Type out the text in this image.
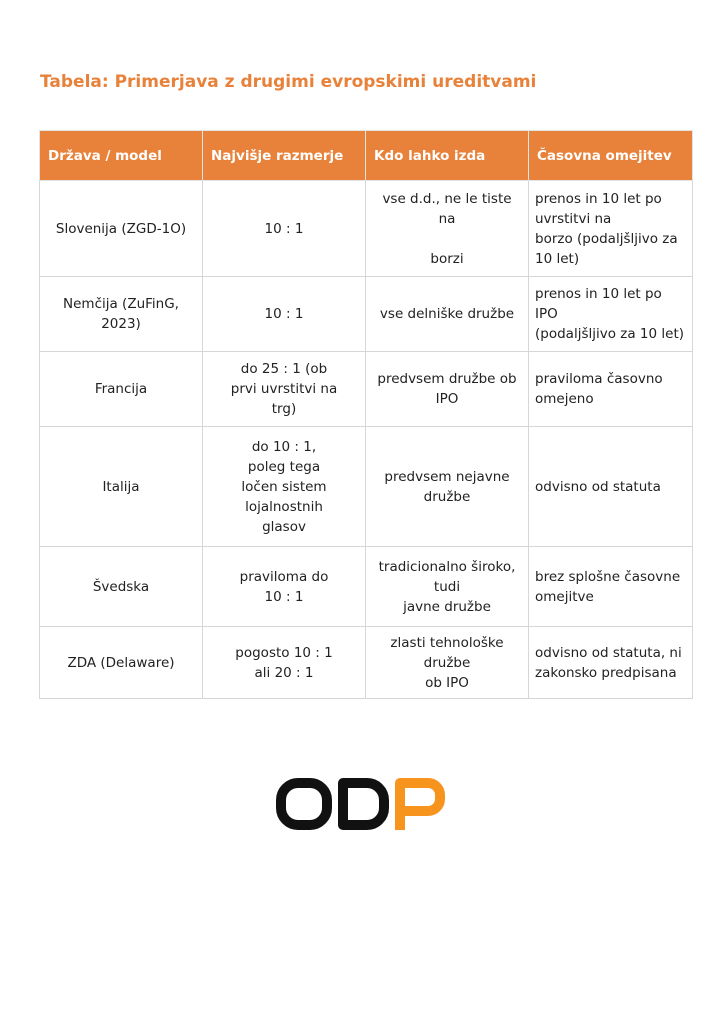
Tabela: Primerjava z drugimi evropskimi ureditvami
Država / model	Najvišje razmerje	Kdo lahko izda	Časovna omejitev
Slovenija (ZGD-1O)	10 : 1	vse d.d., ne le tiste na
borzi	prenos in 10 let po
uvrstitvi na
borzo (podaljšljivo za
10 let)

Nemčija (ZuFinG, 2023)	10 : 1	vse delniške družbe	prenos in 10 let po
IPO
(podaljšljivo za 10 let)

Francija	do 25 : 1 (ob
prvi uvrstitvi na
trg)	predvsem družbe ob
IPO	praviloma časovno
omejeno

Italija	do 10 : 1,
poleg tega
ločen sistem
lojalnostnih
glasov	predvsem nejavne
družbe	odvisno od statuta

Švedska	praviloma do
10 : 1	tradicionalno široko,
tudi
javne družbe	brez splošne časovne
omejitve

ZDA (Delaware)	pogosto 10 : 1
ali 20 : 1	zlasti tehnološke
družbe
ob IPO	odvisno od statuta, ni
zakonsko predpisana
